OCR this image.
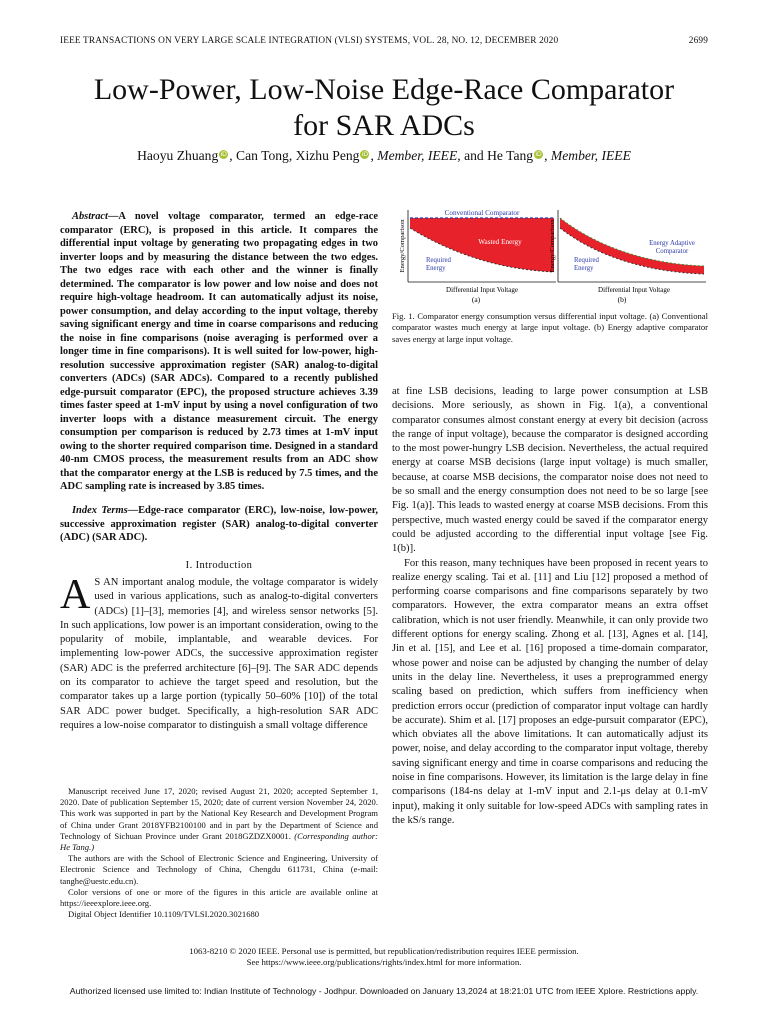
IEEE TRANSACTIONS ON VERY LARGE SCALE INTEGRATION (VLSI) SYSTEMS, VOL. 28, NO. 12, DECEMBER 2020	2699
Low-Power, Low-Noise Edge-Race Comparator
for SAR ADCs
Haoyu Zhuang iD , Can Tong, Xizhu Peng iD , Member, IEEE, and He Tang iD , Member, IEEE
Abstract—A novel voltage comparator, termed an edge-race comparator (ERC), is proposed in this article. It compares the differential input voltage by generating two propagating edges in two inverter loops and by measuring the distance between the two edges. The two edges race with each other and the winner is finally determined. The comparator is low power and low noise and does not require high-voltage headroom. It can automatically adjust its noise, power consumption, and delay according to the input voltage, thereby saving significant energy and time in coarse comparisons and reducing the noise in fine comparisons (noise averaging is performed over a longer time in fine comparisons). It is well suited for low-power, high-resolution successive approximation register (SAR) analog-to-digital converters (ADCs) (SAR ADCs). Compared to a recently published edge-pursuit comparator (EPC), the proposed structure achieves 3.39 times faster speed at 1-mV input by using a novel configuration of two inverter loops with a distance measurement circuit. The energy consumption per comparison is reduced by 2.73 times at 1-mV input owing to the shorter required comparison time. Designed in a standard 40-nm CMOS process, the measurement results from an ADC show that the comparator energy at the LSB is reduced by 7.5 times, and the ADC sampling rate is increased by 3.85 times.
Index Terms—Edge-race comparator (ERC), low-noise, low-power, successive approximation register (SAR) analog-to-digital converter (ADC) (SAR ADC).
I. Introduction
A S AN important analog module, the voltage comparator is widely used in various applications, such as analog-to-digital converters (ADCs) [1]–[3], memories [4], and wireless sensor networks [5]. In such applications, low power is an important consideration, owing to the popularity of mobile, implantable, and wearable devices. For implementing low-power ADCs, the successive approximation register (SAR) ADC is the preferred architecture [6]–[9]. The SAR ADC depends on its comparator to achieve the target speed and resolution, but the comparator takes up a large portion (typically 50–60% [10]) of the total SAR ADC power budget. Specifically, a high-resolution SAR ADC requires a low-noise comparator to distinguish a small voltage difference

Manuscript received June 17, 2020; revised August 21, 2020; accepted September 1, 2020. Date of publication September 15, 2020; date of current version November 24, 2020. This work was supported in part by the National Key Research and Development Program of China under Grant 2018YFB2100100 and in part by the Department of Science and Technology of Sichuan Province under Grant 2018GZDZX0001. (Corresponding author: He Tang.)

The authors are with the School of Electronic Science and Engineering, University of Electronic Science and Technology of China, Chengdu 611731, China (e-mail: tanghe@uestc.edu.cn).

Color versions of one or more of the figures in this article are available online at https://ieeexplore.ieee.org.

Digital Object Identifier 10.1109/TVLSI.2020.3021680

Conventional Comparator
Wasted Energy
Required
Energy
Energy/Comparison
Differential Input Voltage
(a)
Energy Adaptive
Comparator
Required
Energy
Energy/Comparison
Differential Input Voltage
(b)
Fig. 1. Comparator energy consumption versus differential input voltage. (a) Conventional comparator wastes much energy at large input voltage. (b) Energy adaptive comparator saves energy at large input voltage.

at fine LSB decisions, leading to large power consumption at LSB decisions. More seriously, as shown in Fig. 1(a), a conventional comparator consumes almost constant energy at every bit decision (across the range of input voltage), because the comparator is designed according to the most power-hungry LSB decision. Nevertheless, the actual required energy at coarse MSB decisions (large input voltage) is much smaller, because, at coarse MSB decisions, the comparator noise does not need to be so small and the energy consumption does not need to be so large [see Fig. 1(a)]. This leads to wasted energy at coarse MSB decisions. From this perspective, much wasted energy could be saved if the comparator energy could be adjusted according to the differential input voltage [see Fig. 1(b)].

For this reason, many techniques have been proposed in recent years to realize energy scaling. Tai et al. [11] and Liu [12] proposed a method of performing coarse comparisons and fine comparisons separately by two comparators. However, the extra comparator means an extra offset calibration, which is not user friendly. Meanwhile, it can only provide two different options for energy scaling. Zhong et al. [13], Agnes et al. [14], Jin et al. [15], and Lee et al. [16] proposed a time-domain comparator, whose power and noise can be adjusted by changing the number of delay units in the delay line. Nevertheless, it uses a preprogrammed energy scaling based on prediction, which suffers from inefficiency when prediction errors occur (prediction of comparator input voltage can hardly be accurate). Shim et al. [17] proposes an edge-pursuit comparator (EPC), which obviates all the above limitations. It can automatically adjust its power, noise, and delay according to the comparator input voltage, thereby saving significant energy and time in coarse comparisons and reducing the noise in fine comparisons. However, its limitation is the large delay in fine comparisons (184-ns delay at 1-mV input and 2.1-μs delay at 0.1-mV input), making it only suitable for low-speed ADCs with sampling rates in the kS/s range.

1063-8210 © 2020 IEEE. Personal use is permitted, but republication/redistribution requires IEEE permission.
See https://www.ieee.org/publications/rights/index.html for more information.
Authorized licensed use limited to: Indian Institute of Technology - Jodhpur. Downloaded on January 13,2024 at 18:21:01 UTC from IEEE Xplore. Restrictions apply.
